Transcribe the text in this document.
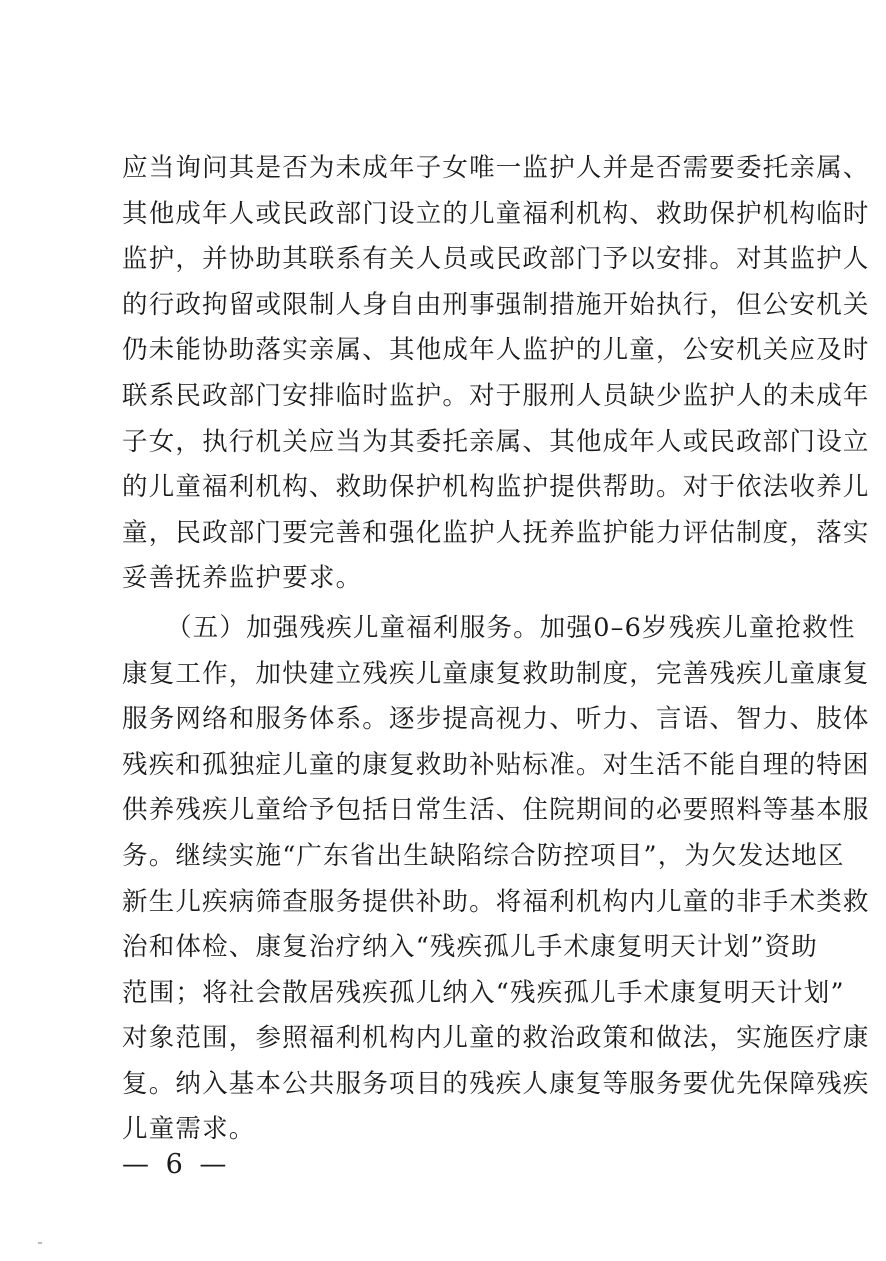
应当询问其是否为未成年子女唯一监护人并是否需要委托亲属、
其他成年人或民政部门设立的儿童福利机构、救助保护机构临时
监护，并协助其联系有关人员或民政部门予以安排。对其监护人
的行政拘留或限制人身自由刑事强制措施开始执行，但公安机关
仍未能协助落实亲属、其他成年人监护的儿童，公安机关应及时
联系民政部门安排临时监护。对于服刑人员缺少监护人的未成年
子女，执行机关应当为其委托亲属、其他成年人或民政部门设立
的儿童福利机构、救助保护机构监护提供帮助。对于依法收养儿
童，民政部门要完善和强化监护人抚养监护能力评估制度，落实
妥善抚养监护要求。
（五）加强残疾儿童福利服务。加强0–6岁残疾儿童抢救性
康复工作，加快建立残疾儿童康复救助制度，完善残疾儿童康复
服务网络和服务体系。逐步提高视力、听力、言语、智力、肢体
残疾和孤独症儿童的康复救助补贴标准。对生活不能自理的特困
供养残疾儿童给予包括日常生活、住院期间的必要照料等基本服
务。继续实施“广东省出生缺陷综合防控项目”，为欠发达地区
新生儿疾病筛查服务提供补助。将福利机构内儿童的非手术类救
治和体检、康复治疗纳入“残疾孤儿手术康复明天计划”资助
范围；将社会散居残疾孤儿纳入“残疾孤儿手术康复明天计划”
对象范围，参照福利机构内儿童的救治政策和做法，实施医疗康
复。纳入基本公共服务项目的残疾人康复等服务要优先保障残疾
儿童需求。
— 6 —
